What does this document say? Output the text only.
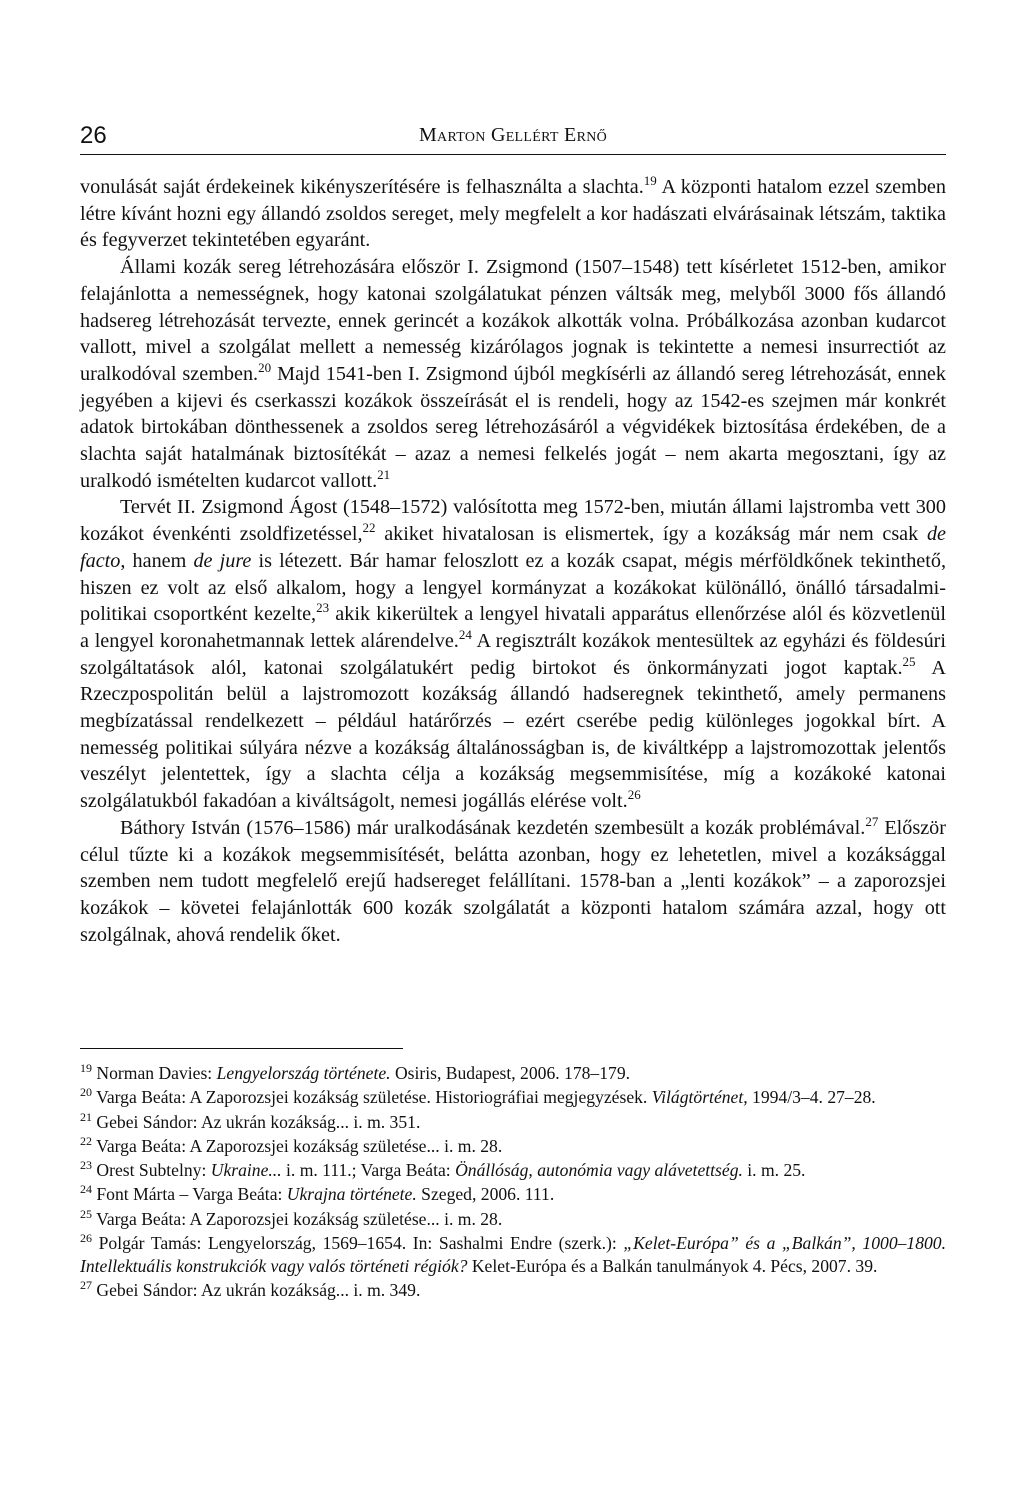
26	Marton Gellért Ernő

vonulását saját érdekeinek kikényszerítésére is felhasználta a slachta.$^{19}$ A központi hatalom ezzel szemben létre kívánt hozni egy állandó zsoldos sereget, mely megfelelt a kor hadászati elvárásainak létszám, taktika és fegyverzet tekintetében egyaránt.

Állami kozák sereg létrehozására először I. Zsigmond (1507–1548) tett kísérletet 1512-ben, amikor felajánlotta a nemességnek, hogy katonai szolgálatukat pénzen váltsák meg, melyből 3000 fős állandó hadsereg létrehozását tervezte, ennek gerincét a kozákok alkották volna. Próbálkozása azonban kudarcot vallott, mivel a szolgálat mellett a nemesség kizárólagos jognak is tekintette a nemesi insurrectiót az uralkodóval szemben.$^{20}$ Majd 1541-ben I. Zsigmond újból megkísérli az állandó sereg létrehozását, ennek jegyében a kijevi és cserkasszi kozákok összeírását el is rendeli, hogy az 1542-es szejmen már konkrét adatok birtokában dönthessenek a zsoldos sereg létrehozásáról a végvidékek biztosítása érdekében, de a slachta saját hatalmának biztosítékát – azaz a nemesi felkelés jogát – nem akarta megosztani, így az uralkodó ismételten kudarcot vallott.$^{21}$

Tervét II. Zsigmond Ágost (1548–1572) valósította meg 1572-ben, miután állami lajstromba vett 300 kozákot évenkénti zsoldfizetéssel,$^{22}$ akiket hivatalosan is elismertek, így a kozákság már nem csak de facto, hanem de jure is létezett. Bár hamar feloszlott ez a kozák csapat, mégis mérföldkőnek tekinthető, hiszen ez volt az első alkalom, hogy a lengyel kormányzat a kozákokat különálló, önálló társadalmi-politikai csoportként kezelte,$^{23}$ akik kikerültek a lengyel hivatali apparátus ellenőrzése alól és közvetlenül a lengyel koronahetmannak lettek alárendelve.$^{24}$ A regisztrált kozákok mentesültek az egyházi és földesúri szolgáltatások alól, katonai szolgálatukért pedig birtokot és önkormányzati jogot kaptak.$^{25}$ A Rzeczpospolitán belül a lajstromozott kozákság állandó hadseregnek tekinthető, amely permanens megbízatással rendelkezett – például határőrzés – ezért cserébe pedig különleges jogokkal bírt. A nemesség politikai súlyára nézve a kozákság általánosságban is, de kiváltképp a lajstromozottak jelentős veszélyt jelentettek, így a slachta célja a kozákság megsemmisítése, míg a kozákoké katonai szolgálatukból fakadóan a kiváltságolt, nemesi jogállás elérése volt.$^{26}$

Báthory István (1576–1586) már uralkodásának kezdetén szembesült a kozák problémával.$^{27}$ Először célul tűzte ki a kozákok megsemmisítését, belátta azonban, hogy ez lehetetlen, mivel a kozáksággal szemben nem tudott megfelelő erejű hadsereget felállítani. 1578-ban a „lenti kozákok” – a zaporozsjei kozákok – követei felajánlották 600 kozák szolgálatát a központi hatalom számára azzal, hogy ott szolgálnak, ahová rendelik őket.

$^{19}$ Norman Davies: Lengyelország története. Osiris, Budapest, 2006. 178–179.

$^{20}$ Varga Beáta: A Zaporozsjei kozákság születése. Historiográfiai megjegyzések. Világtörténet, 1994/3–4. 27–28.

$^{21}$ Gebei Sándor: Az ukrán kozákság... i. m. 351.

$^{22}$ Varga Beáta: A Zaporozsjei kozákság születése... i. m. 28.

$^{23}$ Orest Subtelny: Ukraine... i. m. 111.; Varga Beáta: Önállóság, autonómia vagy alávetettség. i. m. 25.

$^{24}$ Font Márta – Varga Beáta: Ukrajna története. Szeged, 2006. 111.

$^{25}$ Varga Beáta: A Zaporozsjei kozákság születése... i. m. 28.

$^{26}$ Polgár Tamás: Lengyelország, 1569–1654. In: Sashalmi Endre (szerk.): „Kelet-Európa” és a „Balkán”, 1000–1800. Intellektuális konstrukciók vagy valós történeti régiók? Kelet-Európa és a Balkán tanulmányok 4. Pécs, 2007. 39.

$^{27}$ Gebei Sándor: Az ukrán kozákság... i. m. 349.
